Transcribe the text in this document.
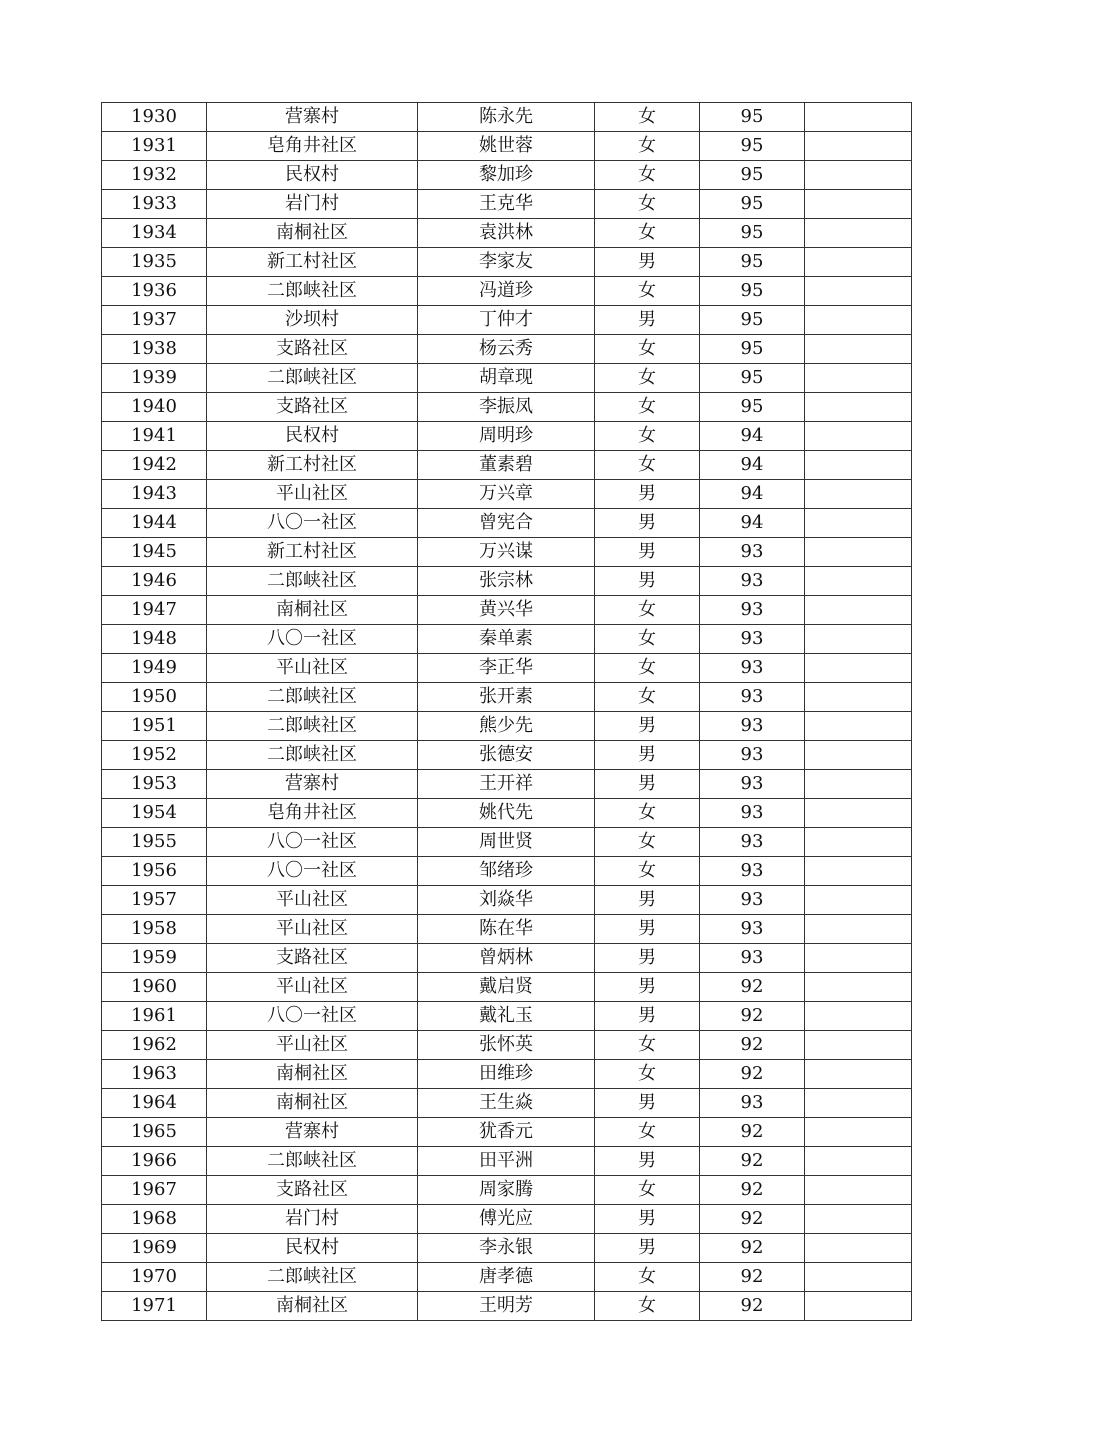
1930	营寨村	陈永先	女	95	
1931	皂角井社区	姚世蓉	女	95	
1932	民权村	黎加珍	女	95	
1933	岩门村	王克华	女	95	
1934	南桐社区	袁洪林	女	95	
1935	新工村社区	李家友	男	95	
1936	二郎峡社区	冯道珍	女	95	
1937	沙坝村	丁仲才	男	95	
1938	支路社区	杨云秀	女	95	
1939	二郎峡社区	胡章现	女	95	
1940	支路社区	李振凤	女	95	
1941	民权村	周明珍	女	94	
1942	新工村社区	董素碧	女	94	
1943	平山社区	万兴章	男	94	
1944	八〇一社区	曾宪合	男	94	
1945	新工村社区	万兴谋	男	93	
1946	二郎峡社区	张宗林	男	93	
1947	南桐社区	黄兴华	女	93	
1948	八〇一社区	秦单素	女	93	
1949	平山社区	李正华	女	93	
1950	二郎峡社区	张开素	女	93	
1951	二郎峡社区	熊少先	男	93	
1952	二郎峡社区	张德安	男	93	
1953	营寨村	王开祥	男	93	
1954	皂角井社区	姚代先	女	93	
1955	八〇一社区	周世贤	女	93	
1956	八〇一社区	邹绪珍	女	93	
1957	平山社区	刘焱华	男	93	
1958	平山社区	陈在华	男	93	
1959	支路社区	曾炳林	男	93	
1960	平山社区	戴启贤	男	92	
1961	八〇一社区	戴礼玉	男	92	
1962	平山社区	张怀英	女	92	
1963	南桐社区	田维珍	女	92	
1964	南桐社区	王生焱	男	93	
1965	营寨村	犹香元	女	92	
1966	二郎峡社区	田平洲	男	92	
1967	支路社区	周家腾	女	92	
1968	岩门村	傅光应	男	92	
1969	民权村	李永银	男	92	
1970	二郎峡社区	唐孝德	女	92	
1971	南桐社区	王明芳	女	92	
